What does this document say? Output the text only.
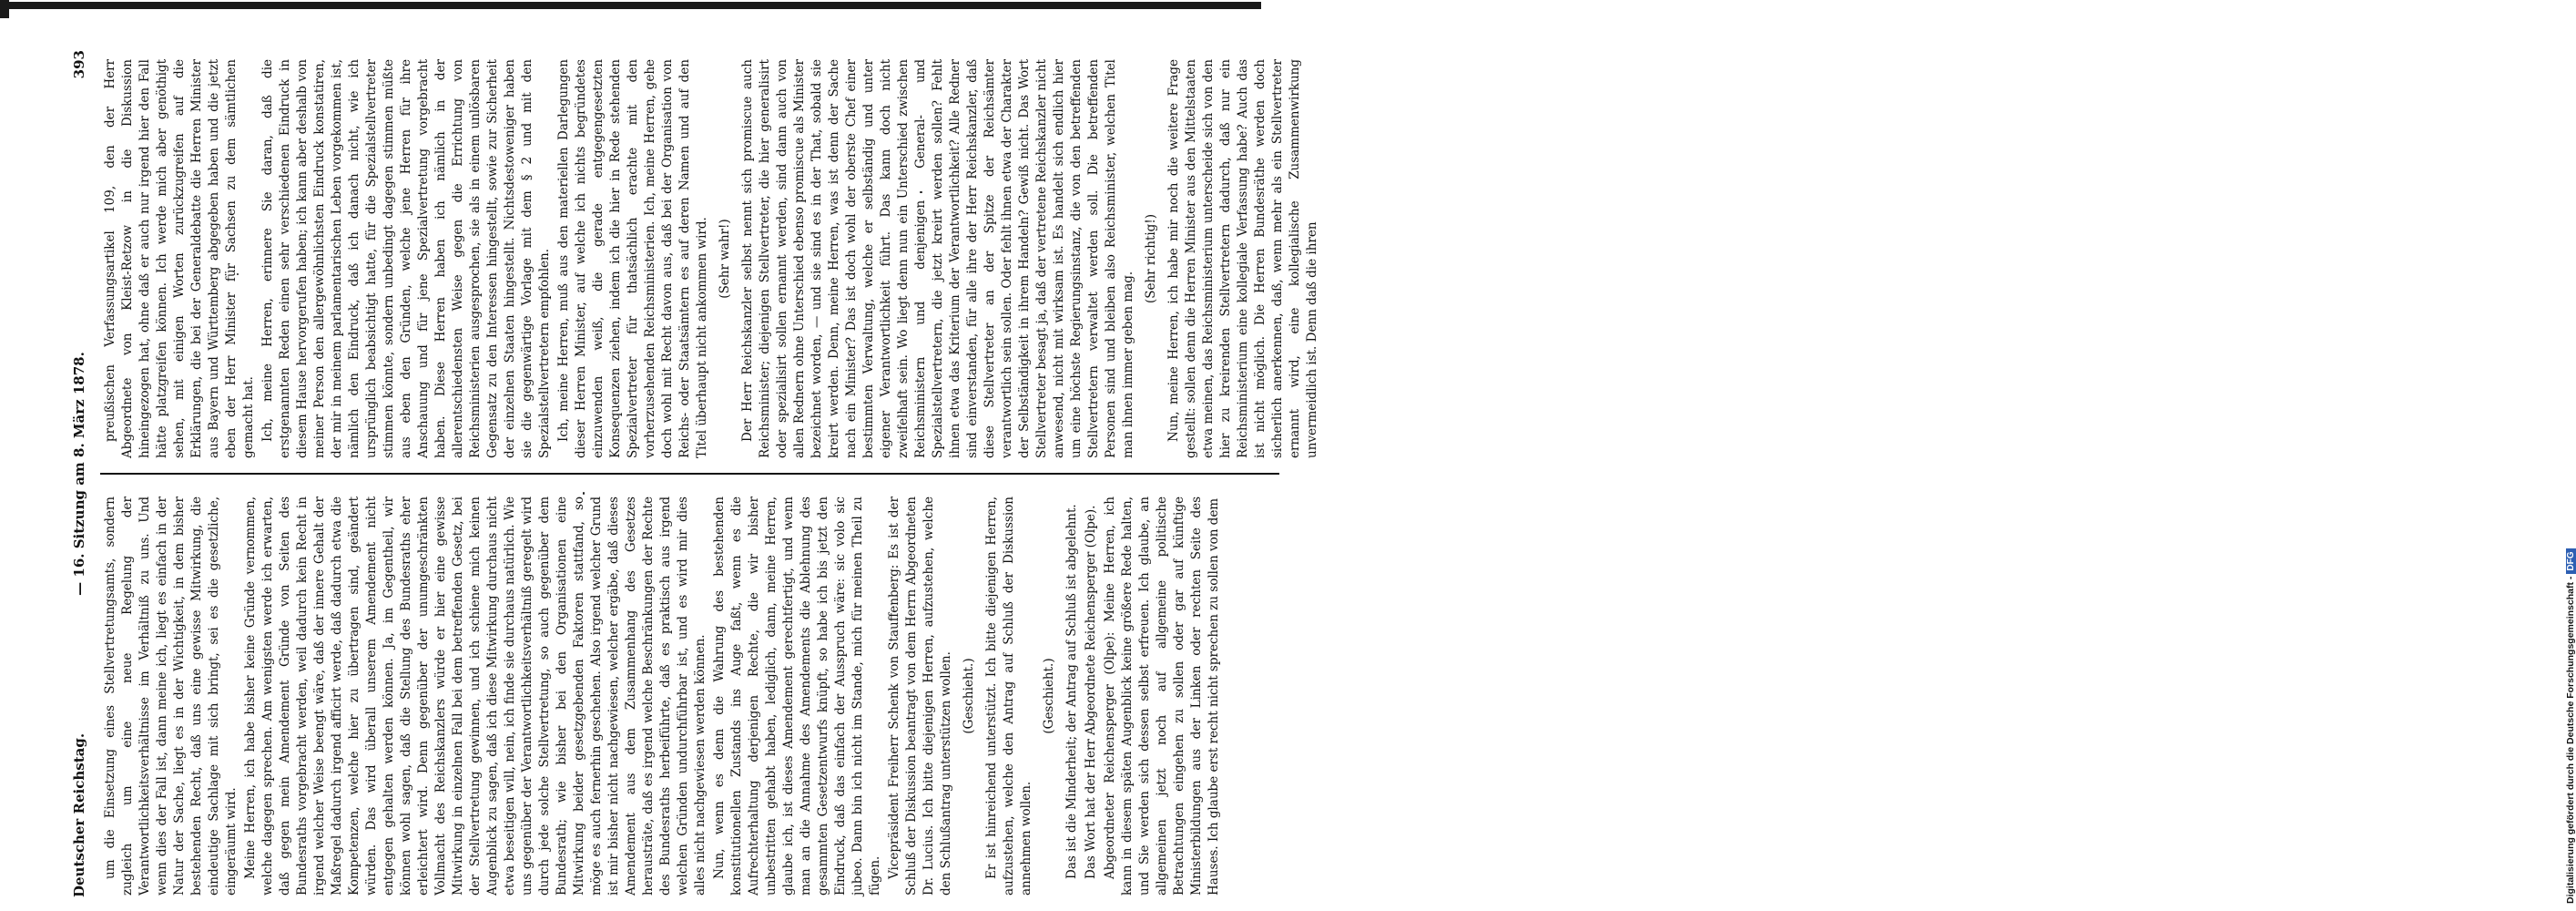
Deutscher Reichstag.
— 16. Sitzung am 8. März 1878.
393

um die Einsetzung eines Stellvertretungsamts, sondern zugleich um eine neue Regelung der Verantwortlichkeitsverhältnisse im Verhältniß zu uns. Und wenn dies der Fall ist, dann meine ich, liegt es einfach in der Natur der Sache, liegt es in der Wichtigkeit, in dem bisher bestehenden Recht, daß uns eine gewisse Mitwirkung, die eindeutige Sachlage mit sich bringt, sei es die gesetzliche, eingeräumt wird. Meine Herren, ich habe bisher keine Gründe vernommen, welche dagegen sprechen. Am wenigsten werde ich erwarten, daß gegen mein Amendement Gründe von Seiten des Bundesraths vorgebracht werden, weil dadurch kein Recht in irgend welcher Weise beengt wäre, daß der innere Gehalt der Maßregel dadurch irgend afficirt werde, daß dadurch etwa die Kompetenzen, welche hier zu übertragen sind, geändert würden. Das wird überall unserem Amendement nicht entgegen gehalten werden können. Ja, im Gegentheil, wir können wohl sagen, daß die Stellung des Bundesraths eher erleichtert wird. Denn gegenüber der unumgeschränkten Vollmacht des Reichskanzlers würde er hier eine gewisse Mitwirkung in einzelnen Fall bei dem betreffenden Gesetz, bei der Stellvertretung gewinnen, und ich schiene mich keinen Augenblick zu sagen, daß ich diese Mitwirkung durchaus nicht etwa beseitigen will, nein, ich finde sie durchaus natürlich. Wie uns gegenüber der Verantwortlichkeitsverhältniß geregelt wird durch jede solche Stellvertretung, so auch gegenüber dem Bundesrath; wie bisher bei den Organisationen eine Mitwirkung beider gesetzgebenden Faktoren stattfand, so möge es auch fernerhin geschehen. Also irgend welcher Grund ist mir bisher nicht nachgewiesen, welcher ergäbe, daß dieses Amendement aus dem Zusammenhang des Gesetzes herausträte, daß es irgend welche Beschränkungen der Rechte des Bundesraths herbeiführte, daß es praktisch aus irgend welchen Gründen undurchführbar ist, und es wird mir dies alles nicht nachgewiesen werden können. Nun, wenn es denn die Wahrung des bestehenden konstitutionellen Zustands ins Auge faßt, wenn es die Aufrechterhaltung derjenigen Rechte, die wir bisher unbestritten gehabt haben, lediglich, dann, meine Herren, glaube ich, ist dieses Amendement gerechtfertigt, und wenn man an die Annahme des Amendements die Ablehnung des gesammten Gesetzentwurfs knüpft, so habe ich bis jetzt den Eindruck, daß das einfach der Ausspruch wäre: sic volo sic jubeo. Dann bin ich nicht im Stande, mich für meinen Theil zu fügen. Vicepräsident Freiherr Schenk von Stauffenberg: Es ist der Schluß der Diskussion beantragt von dem Herrn Abgeordneten Dr. Lucius. Ich bitte diejenigen Herren, aufzustehen, welche den Schlußantrag unterstützen wollen. (Geschieht.) Er ist hinreichend unterstützt. Ich bitte diejenigen Herren, aufzustehen, welche den Antrag auf Schluß der Diskussion annehmen wollen.

(Geschieht.) Das ist die Minderheit; der Antrag auf Schluß ist abgelehnt. Das Wort hat der Herr Abgeordnete Reichensperger (Olpe). Abgeordneter Reichensperger (Olpe): Meine Herren, ich kann in diesem späten Augenblick keine größere Rede halten, und Sie werden sich dessen selbst erfreuen. Ich glaube, an allgemeinen jetzt noch auf allgemeine politische Betrachtungen eingehen zu sollen oder gar auf künftige Ministerbildungen aus der Linken oder rechten Seite des Hauses. Ich glaube erst recht nicht sprechen zu sollen von dem

preußischen Verfassungsartikel 109, den der Herr Abgeordnete von Kleist-Retzow in die Diskussion hineingezogen hat, ohne daß er auch nur irgend hier den Fall hätte platzgreifen können. Ich werde mich aber genöthigt sehen, mit einigen Worten zurückzugreifen auf die Erklärungen, die bei der Generaldebatte die Herren Minister aus Bayern und Württemberg abgegeben haben und die jetzt eben der Herr Minister für Sachsen zu dem sämtlichen gemacht hat. Ich, meine Herren, erinnere Sie daran, daß die erstgenannten Reden einen sehr verschiedenen Eindruck in diesem Hause hervorgerufen haben; ich kann aber deshalb von meiner Person den allergewöhnlichsten Eindruck konstatiren, der mir in meinem parlamentarischen Leben vorgekommen ist, nämlich den Eindruck, daß ich danach nicht, wie ich ursprünglich beabsichtigt hatte, für die Spezialstellvertreter stimmen könnte, sondern unbedingt dagegen stimmen müßte aus eben den Gründen, welche jene Herren für ihre Anschauung und für jene Spezialvertretung vorgebracht haben. Diese Herren haben ich nämlich in der allerentschiedensten Weise gegen die Errichtung von Reichsministerien ausgesprochen, sie als in einem unlösbaren Gegensatz zu den Interessen hingestellt, sowie zur Sicherheit der einzelnen Staaten hingestellt. Nichtsdestoweniger haben sie die gegenwärtige Vorlage mit dem § 2 und mit den Spezialstellvertretern empfohlen. Ich, meine Herren, muß aus den materiellen Darlegungen dieser Herren Minister, auf welche ich nichts begründetes einzuwenden weiß, die gerade entgegengesetzten Konsequenzen ziehen, indem ich die hier in Rede stehenden Spezialvertreter für thatsächlich erachte mit den vorherzusehenden Reichsministerien. Ich, meine Herren, gehe doch wohl mit Recht davon aus, daß bei der Organisation von Reichs- oder Staatsämtern es auf deren Namen und auf den Titel überhaupt nicht ankommen wird. (Sehr wahr!) Der Herr Reichskanzler selbst nennt sich promiscue auch Reichsminister; diejenigen Stellvertreter, die hier generalisirt oder spezialisirt sollen ernannt werden, sind dann auch von allen Rednern ohne Unterschied ebenso promiscue als Minister bezeichnet worden, — und sie sind es in der That, sobald sie kreirt werden. Denn, meine Herren, was ist denn der Sache nach ein Minister? Das ist doch wohl der oberste Chef einer bestimmten Verwaltung, welche er selbständig und unter eigener Verantwortlichkeit führt. Das kann doch nicht zweifelhaft sein. Wo liegt denn nun ein Unterschied zwischen Reichsministern und denjenigen General- und Spezialstellvertretern, die jetzt kreirt werden sollen? Fehlt ihnen etwa das Kriterium der Verantwortlichkeit? Alle Redner sind einverstanden, für alle ihre der Herr Reichskanzler, daß diese Stellvertreter an der Spitze der Reichsämter verantwortlich sein sollen. Oder fehlt ihnen etwa der Charakter der Selbständigkeit in ihrem Handeln? Gewiß nicht. Das Wort Stellvertreter besagt ja, daß der vertretene Reichskanzler nicht anwesend, nicht mit wirksam ist. Es handelt sich endlich hier um eine höchste Regierungsinstanz, die von den betreffenden Stellvertretern verwaltet werden soll. Die betreffenden Personen sind und bleiben also Reichsminister, welchen Titel man ihnen immer geben mag.

(Sehr richtig!) Nun, meine Herren, ich habe mir noch die weitere Frage gestellt: sollen denn die Herren Minister aus den Mittelstaaten etwa meinen, das Reichsministerium unterscheide sich von den hier zu kreirenden Stellvertretern dadurch, daß nur ein Reichsministerium eine kollegiale Verfassung habe? Auch das ist nicht möglich. Die Herren Bundesräthe werden doch sicherlich anerkennen, daß, wenn mehr als ein Stellvertreter ernannt wird, eine kollegialische Zusammenwirkung unvermeidlich ist. Denn daß die ihren

Digitalisierung gefördert durch die Deutsche Forschungsgemeinschaft -DFG
